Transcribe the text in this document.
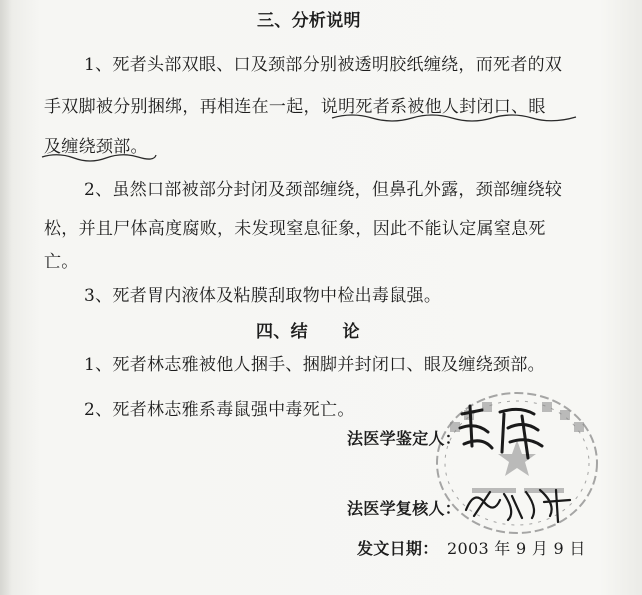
三、分析说明
1、死者头部双眼、口及颈部分别被透明胶纸缠绕，而死者的双
手双脚被分别捆绑，再相连在一起，说明死者系被他人封闭口、眼
及缠绕颈部。
2、虽然口部被部分封闭及颈部缠绕，但鼻孔外露，颈部缠绕较
松，并且尸体高度腐败，未发现窒息征象，因此不能认定属窒息死
亡。
3、死者胃内液体及粘膜刮取物中检出毒鼠强。
四、结　　论
1、死者林志雅被他人捆手、捆脚并封闭口、眼及缠绕颈部。
2、死者林志雅系毒鼠强中毒死亡。
法医学鉴定人：
法医学复核人：
发文日期： 2003 年 9 月 9 日
